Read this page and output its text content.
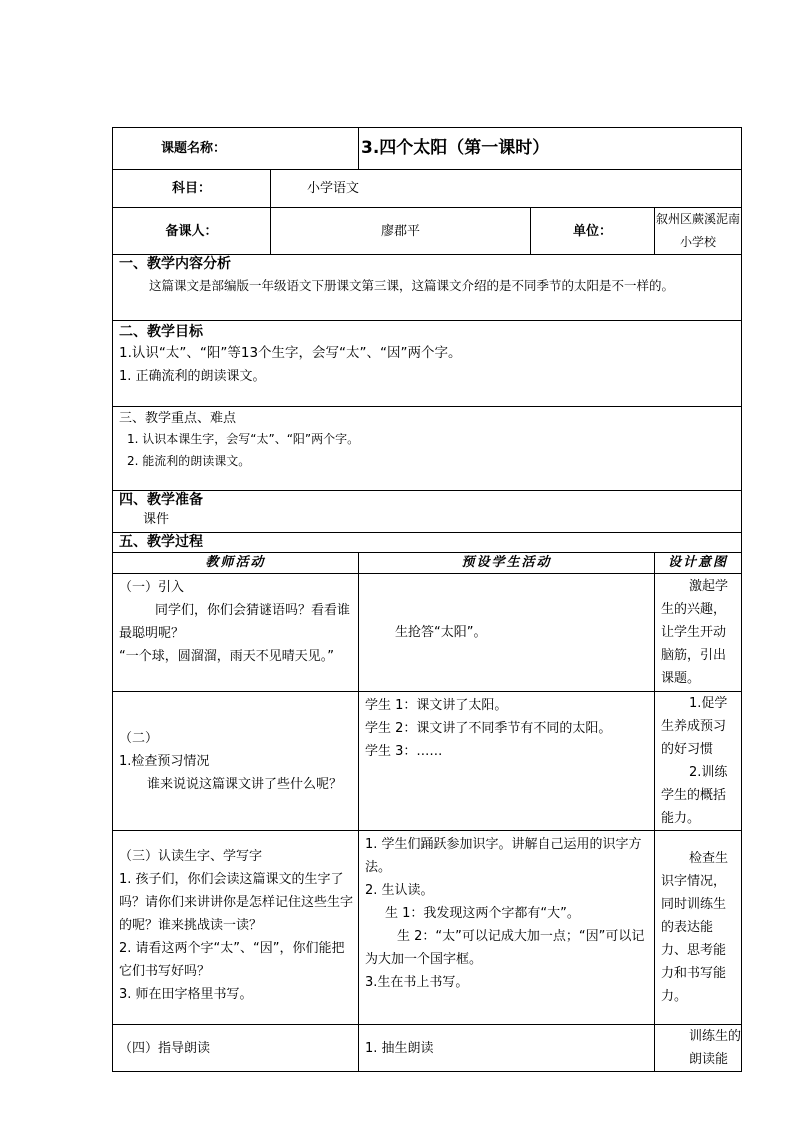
课题名称：		3.四个太阳（第一课时）		
科目：	小学语文			
备课人：	廖郡平		单位：	叙州区蕨溪泥南小学校

一、教学内容分析
这篇课文是部编版一年级语文下册课文第三课，这篇课文介绍的是不同季节的太阳是不一样的。				

二、教学目标
1.认识“太”、“阳”等13个生字，会写“太”、“因”两个字。
1. 正确流利的朗读课文。				

三、教学重点、难点
1. 认识本课生字，会写“太”、“阳”两个字。
2. 能流利的朗读课文。				

四、教学准备
课件				

五、教学过程				
教师活动		预设学生活动		设计意图

（一）引入
同学们，你们会猜谜语吗？看看谁最聪明呢？
“一个球，圆溜溜，雨天不见晴天见。”		生抢答“太阳”。		激起学生的兴趣，让学生开动脑筋，引出课题。

（二）
1.检查预习情况
谁来说说这篇课文讲了些什么呢？		学生 1：课文讲了太阳。
学生 2：课文讲了不同季节有不同的太阳。
学生 3：……		1.促学生养成预习的好习惯
2.训练学生的概括能力。

（三）认读生字、学写字
1. 孩子们，你们会读这篇课文的生字了吗？请你们来讲讲你是怎样记住这些生字的呢？谁来挑战读一读？
2. 请看这两个字“太”、“因”，你们能把它们书写好吗？
3. 师在田字格里书写。		1. 学生们踊跃参加识字。讲解自己运用的识字方法。
2. 生认读。
生 1：我发现这两个字都有“大”。
生 2：“太”可以记成大加一点；“因”可以记为大加一个国字框。
3.生在书上书写。		检查生识字情况，同时训练生的表达能力、思考能力和书写能力。

（四）指导朗读		1. 抽生朗读		训练生的朗读能
